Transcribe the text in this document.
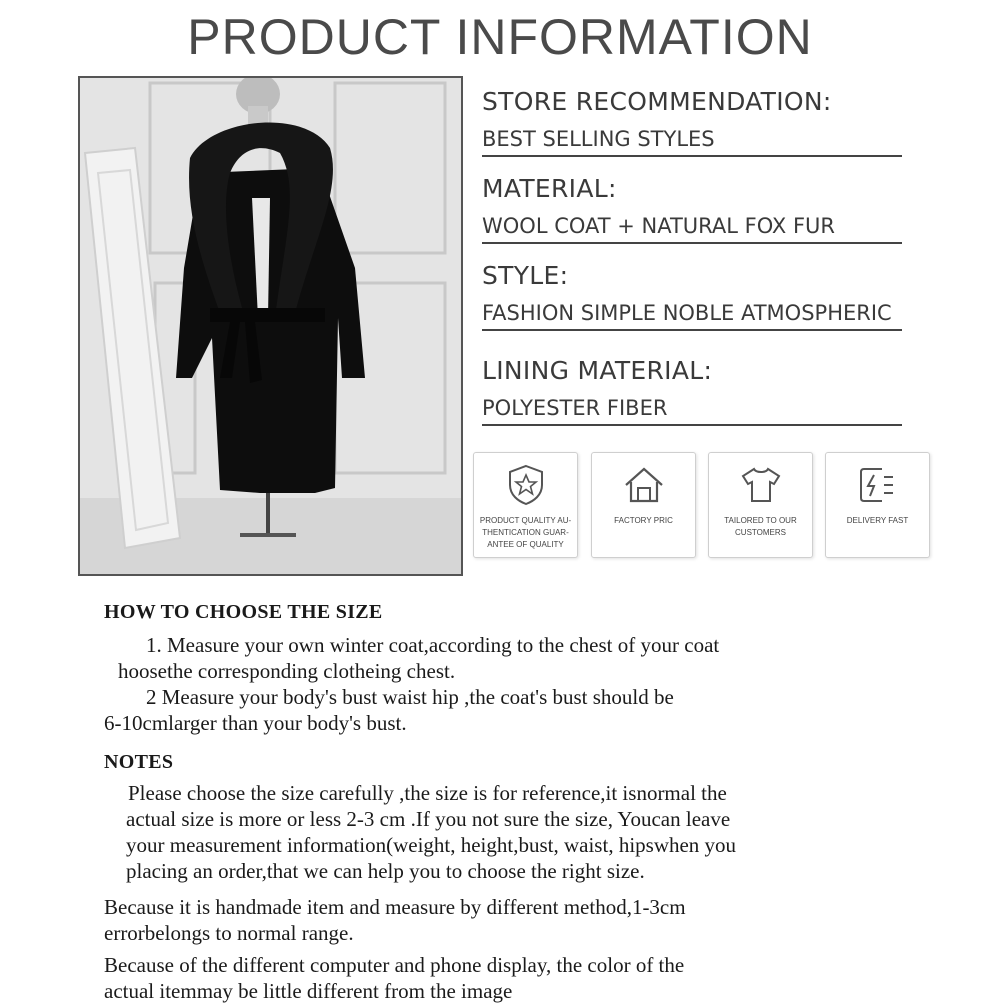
PRODUCT INFORMATION
STORE RECOMMENDATION:
BEST SELLING STYLES
MATERIAL:
WOOL COAT + NATURAL FOX FUR
STYLE:
FASHION SIMPLE NOBLE ATMOSPHERIC
LINING MATERIAL:
POLYESTER FIBER
PRODUCT QUALITY AU-
THENTICATION GUAR-
ANTEE OF QUALITY
FACTORY PRIC	TAILORED TO OUR
CUSTOMERS
DELIVERY FAST
HOW TO CHOOSE THE SIZE
1. Measure your own winter coat,according to the chest of your coat
hoosethe corresponding clotheing chest.
2 Measure your body's bust waist hip ,the coat's bust should be
6-10cmlarger than your body's bust.
NOTES
Please choose the size carefully ,the size is for reference,it isnormal the
actual size is more or less 2-3 cm .If you not sure the size, Youcan leave
your measurement information(weight, height,bust, waist, hipswhen you
placing an order,that we can help you to choose the right size.
Because it is handmade item and measure by different method,1-3cm
errorbelongs to normal range.
Because of the different computer and phone display, the color of the
actual itemmay be little different from the image
